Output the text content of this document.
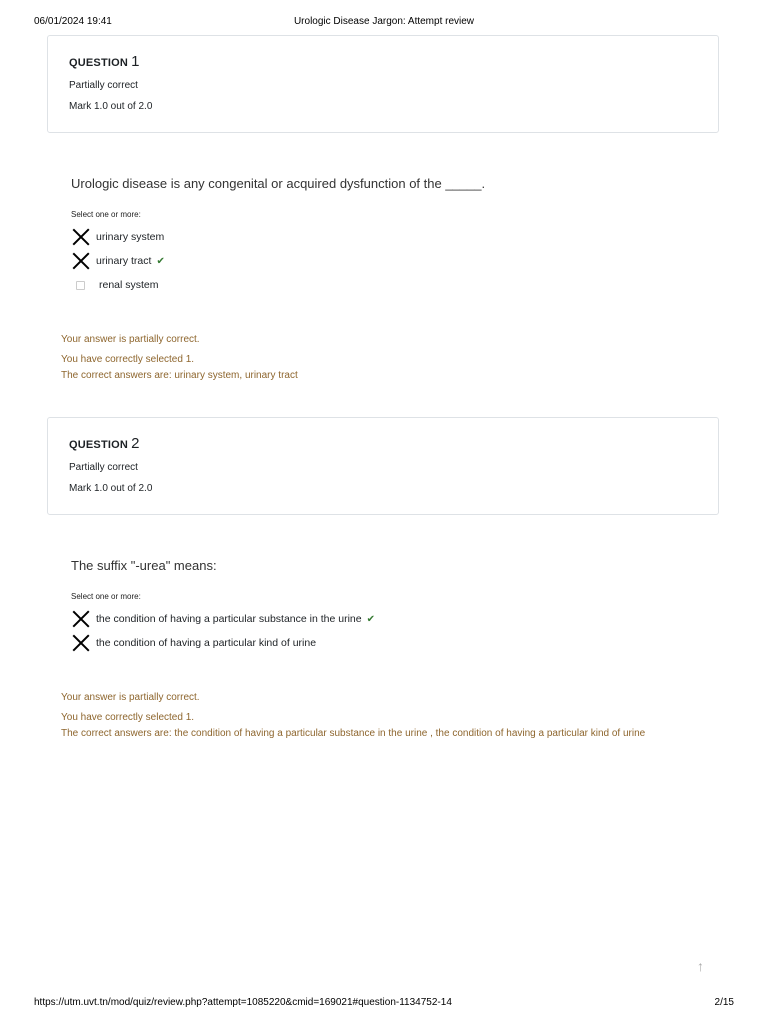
06/01/2024 19:41	Urologic Disease Jargon: Attempt review
QUESTION 1
Partially correct
Mark 1.0 out of 2.0
Urologic disease is any congenital or acquired dysfunction of the _____.
Select one or more:
urinary system
urinary tract ✔
renal system
Your answer is partially correct.
You have correctly selected 1.
The correct answers are: urinary system, urinary tract
QUESTION 2
Partially correct
Mark 1.0 out of 2.0
The suffix "-urea" means:
Select one or more:
the condition of having a particular substance in the urine ✔
the condition of having a particular kind of urine
Your answer is partially correct.
You have correctly selected 1.
The correct answers are: the condition of having a particular substance in the urine , the condition of having a particular kind of urine
↑
https://utm.uvt.tn/mod/quiz/review.php?attempt=1085220&cmid=169021#question-1134752-14	2/15
